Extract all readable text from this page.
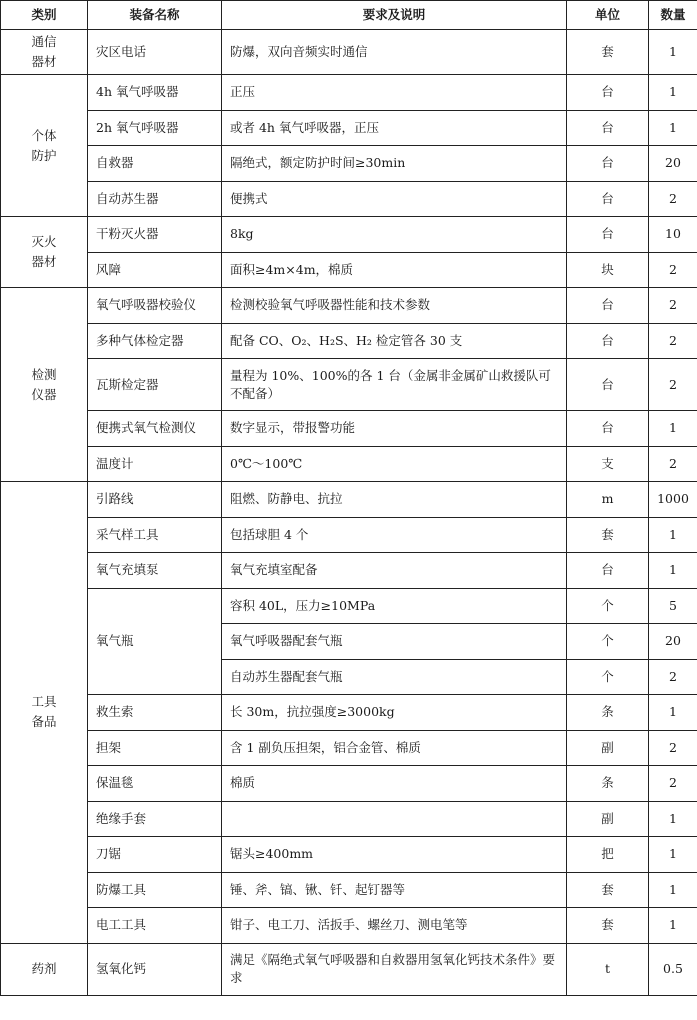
类别	装备名称	要求及说明	单位	数量
通信器材	灾区电话	防爆，双向音频实时通信	套	1
个体防护	4h 氧气呼吸器	正压	台	1
	2h 氧气呼吸器	或者 4h 氧气呼吸器，正压	台	1
	自救器	隔绝式，额定防护时间≥30min	台	20
	自动苏生器	便携式	台	2
灭火器材	干粉灭火器	8kg	台	10
	风障	面积≥4m×4m，棉质	块	2
检测仪器	氧气呼吸器校验仪	检测校验氧气呼吸器性能和技术参数	台	2
	多种气体检定器	配备 CO、O₂、H₂S、H₂ 检定管各 30 支	台	2
	瓦斯检定器	量程为 10%、100%的各 1 台（金属非金属矿山救援队可不配备）	台	2
	便携式氧气检测仪	数字显示，带报警功能	台	1
	温度计	0℃～100℃	支	2
工具备品	引路线	阻燃、防静电、抗拉	m	1000
	采气样工具	包括球胆 4 个	套	1
	氧气充填泵	氧气充填室配备	台	1
	氧气瓶	容积 40L，压力≥10MPa	个	5
		氧气呼吸器配套气瓶	个	20
		自动苏生器配套气瓶	个	2
	救生索	长 30m，抗拉强度≥3000kg	条	1
	担架	含 1 副负压担架，铝合金管、棉质	副	2
	保温毯	棉质	条	2
	绝缘手套		副	1
	刀锯	锯头≥400mm	把	1
	防爆工具	锤、斧、镐、锹、钎、起钉器等	套	1
	电工工具	钳子、电工刀、活扳手、螺丝刀、测电笔等	套	1
药剂	氢氧化钙	满足《隔绝式氧气呼吸器和自救器用氢氧化钙技术条件》要求	t	0.5
